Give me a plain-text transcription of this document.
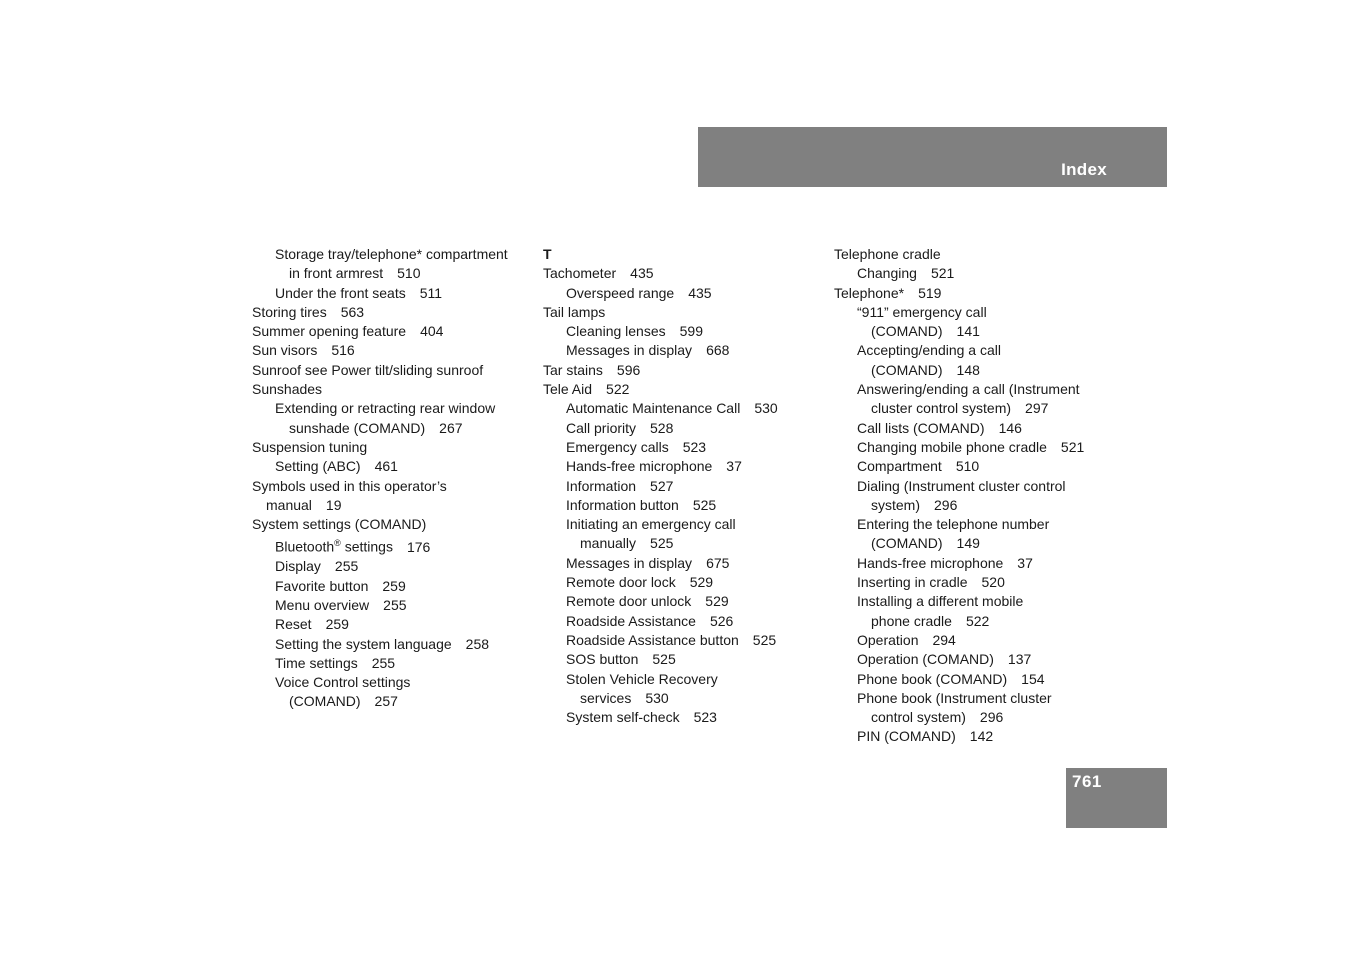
Index
Storage tray/telephone* compartment
in front armrest 510
Under the front seats 511
Storing tires 563
Summer opening feature 404
Sun visors 516
Sunroof see Power tilt/sliding sunroof
Sunshades
Extending or retracting rear window
sunshade (COMAND) 267
Suspension tuning
Setting (ABC) 461
Symbols used in this operator’s
manual 19
System settings (COMAND)
Bluetooth® settings 176
Display 255
Favorite button 259
Menu overview 255
Reset 259
Setting the system language 258
Time settings 255
Voice Control settings
(COMAND) 257
T
Tachometer 435
Overspeed range 435
Tail lamps
Cleaning lenses 599
Messages in display 668
Tar stains 596
Tele Aid 522
Automatic Maintenance Call 530
Call priority 528
Emergency calls 523
Hands-free microphone 37
Information 527
Information button 525
Initiating an emergency call
manually 525
Messages in display 675
Remote door lock 529
Remote door unlock 529
Roadside Assistance 526
Roadside Assistance button 525
SOS button 525
Stolen Vehicle Recovery
services 530
System self-check 523
Telephone cradle
Changing 521
Telephone* 519
“911” emergency call
(COMAND) 141
Accepting/ending a call
(COMAND) 148
Answering/ending a call (Instrument
cluster control system) 297
Call lists (COMAND) 146
Changing mobile phone cradle 521
Compartment 510
Dialing (Instrument cluster control
system) 296
Entering the telephone number
(COMAND) 149
Hands-free microphone 37
Inserting in cradle 520
Installing a different mobile
phone cradle 522
Operation 294
Operation (COMAND) 137
Phone book (COMAND) 154
Phone book (Instrument cluster
control system) 296
PIN (COMAND) 142
761
